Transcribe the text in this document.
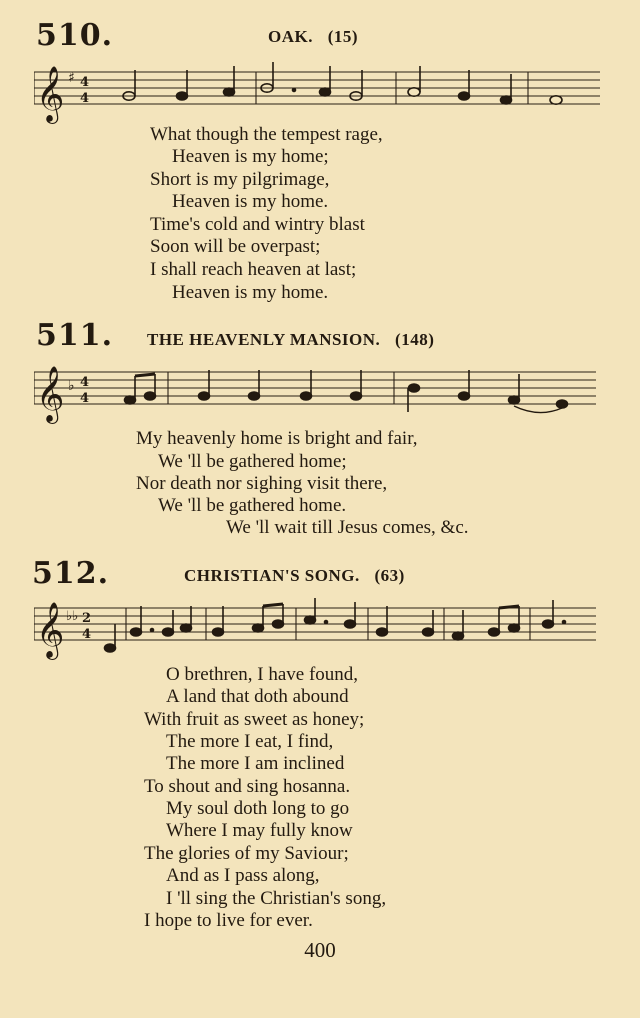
510.	OAK. (15)
𝄞 ♯ 4
4
What though the tempest rage,
Heaven is my home;
Short is my pilgrimage,
Heaven is my home.
Time's cold and wintry blast
Soon will be overpast;
I shall reach heaven at last;
Heaven is my home.
511. THE HEAVENLY MANSION. (148)
𝄞 ♭ 4
4
My heavenly home is bright and fair,
We 'll be gathered home;
Nor death nor sighing visit there,
We 'll be gathered home.
We 'll wait till Jesus comes, &c.
512.	CHRISTIAN'S SONG. (63)
𝄞 ♭♭ 2
4
O brethren, I have found,
A land that doth abound
With fruit as sweet as honey;
The more I eat, I find,
The more I am inclined
To shout and sing hosanna.
My soul doth long to go
Where I may fully know
The glories of my Saviour;
And as I pass along,
I 'll sing the Christian's song,
I hope to live for ever.
400
